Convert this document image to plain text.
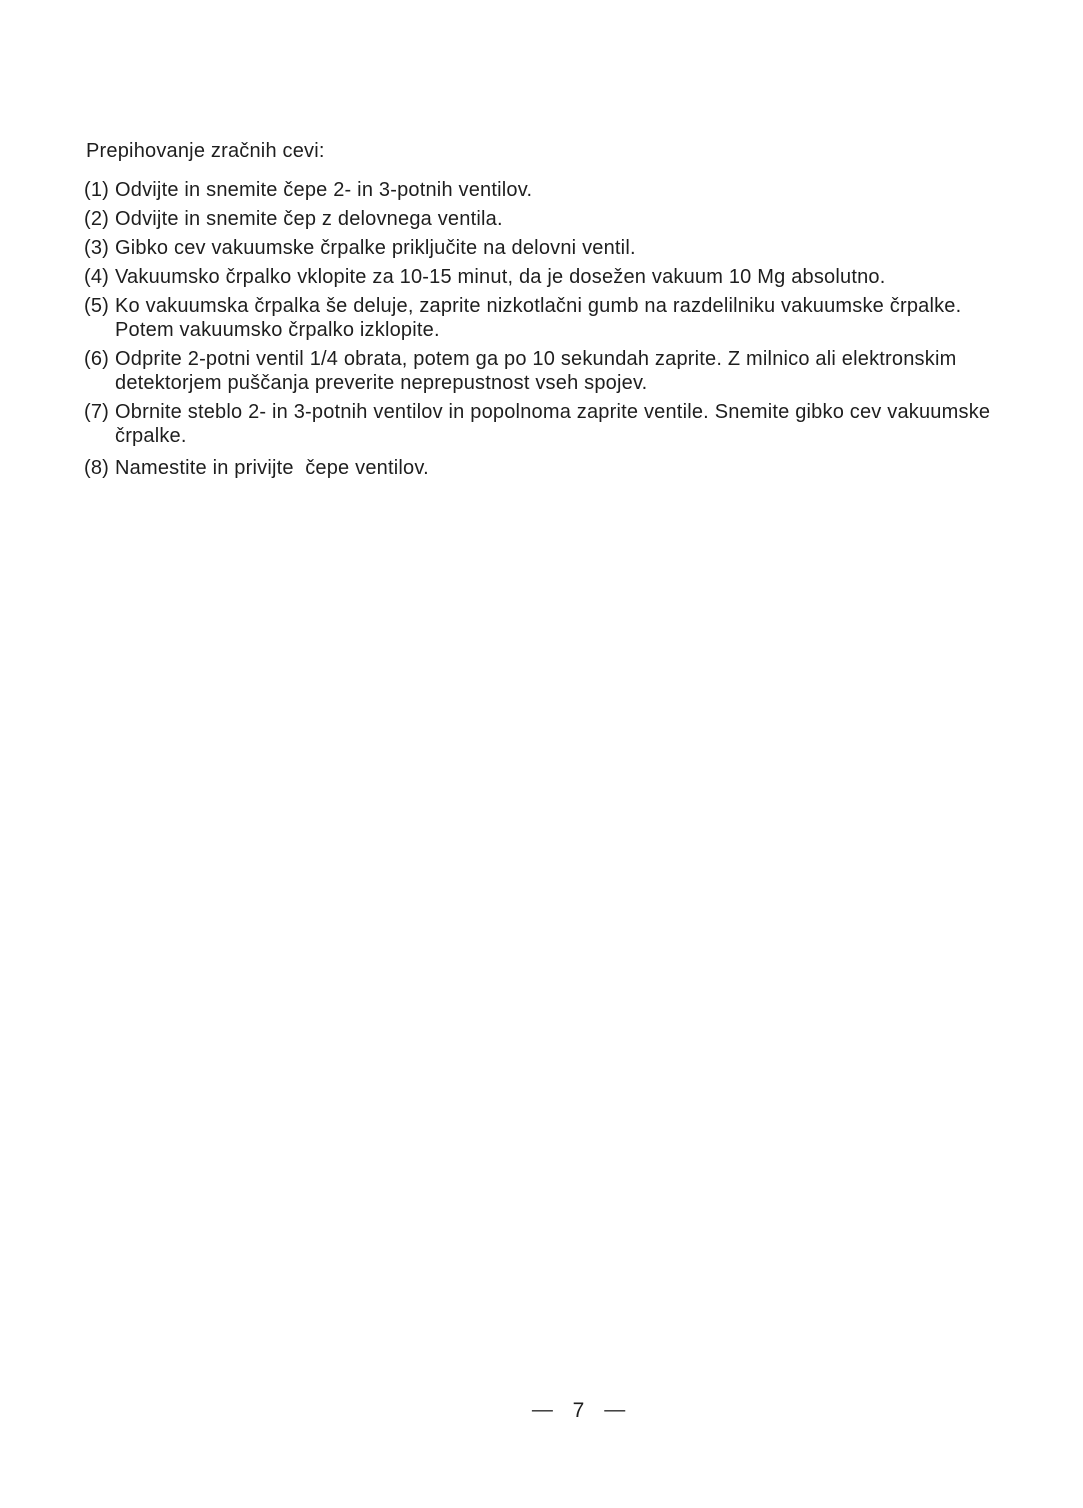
Prepihovanje zračnih cevi:
(1) Odvijte in snemite čepe 2- in 3-potnih ventilov.
(2) Odvijte in snemite čep z delovnega ventila.
(3) Gibko cev vakuumske črpalke priključite na delovni ventil.
(4) Vakuumsko črpalko vklopite za 10-15 minut, da je dosežen vakuum 10 Mg absolutno.
(5) Ko vakuumska črpalka še deluje, zaprite nizkotlačni gumb na razdelilniku vakuumske črpalke.
Potem vakuumsko črpalko izklopite.
(6) Odprite 2-potni ventil 1/4 obrata, potem ga po 10 sekundah zaprite. Z milnico ali elektronskim
detektorjem puščanja preverite neprepustnost vseh spojev.
(7) Obrnite steblo 2- in 3-potnih ventilov in popolnoma zaprite ventile. Snemite gibko cev vakuumske
črpalke.
(8) Namestite in privijte  čepe ventilov.
— 7 —
